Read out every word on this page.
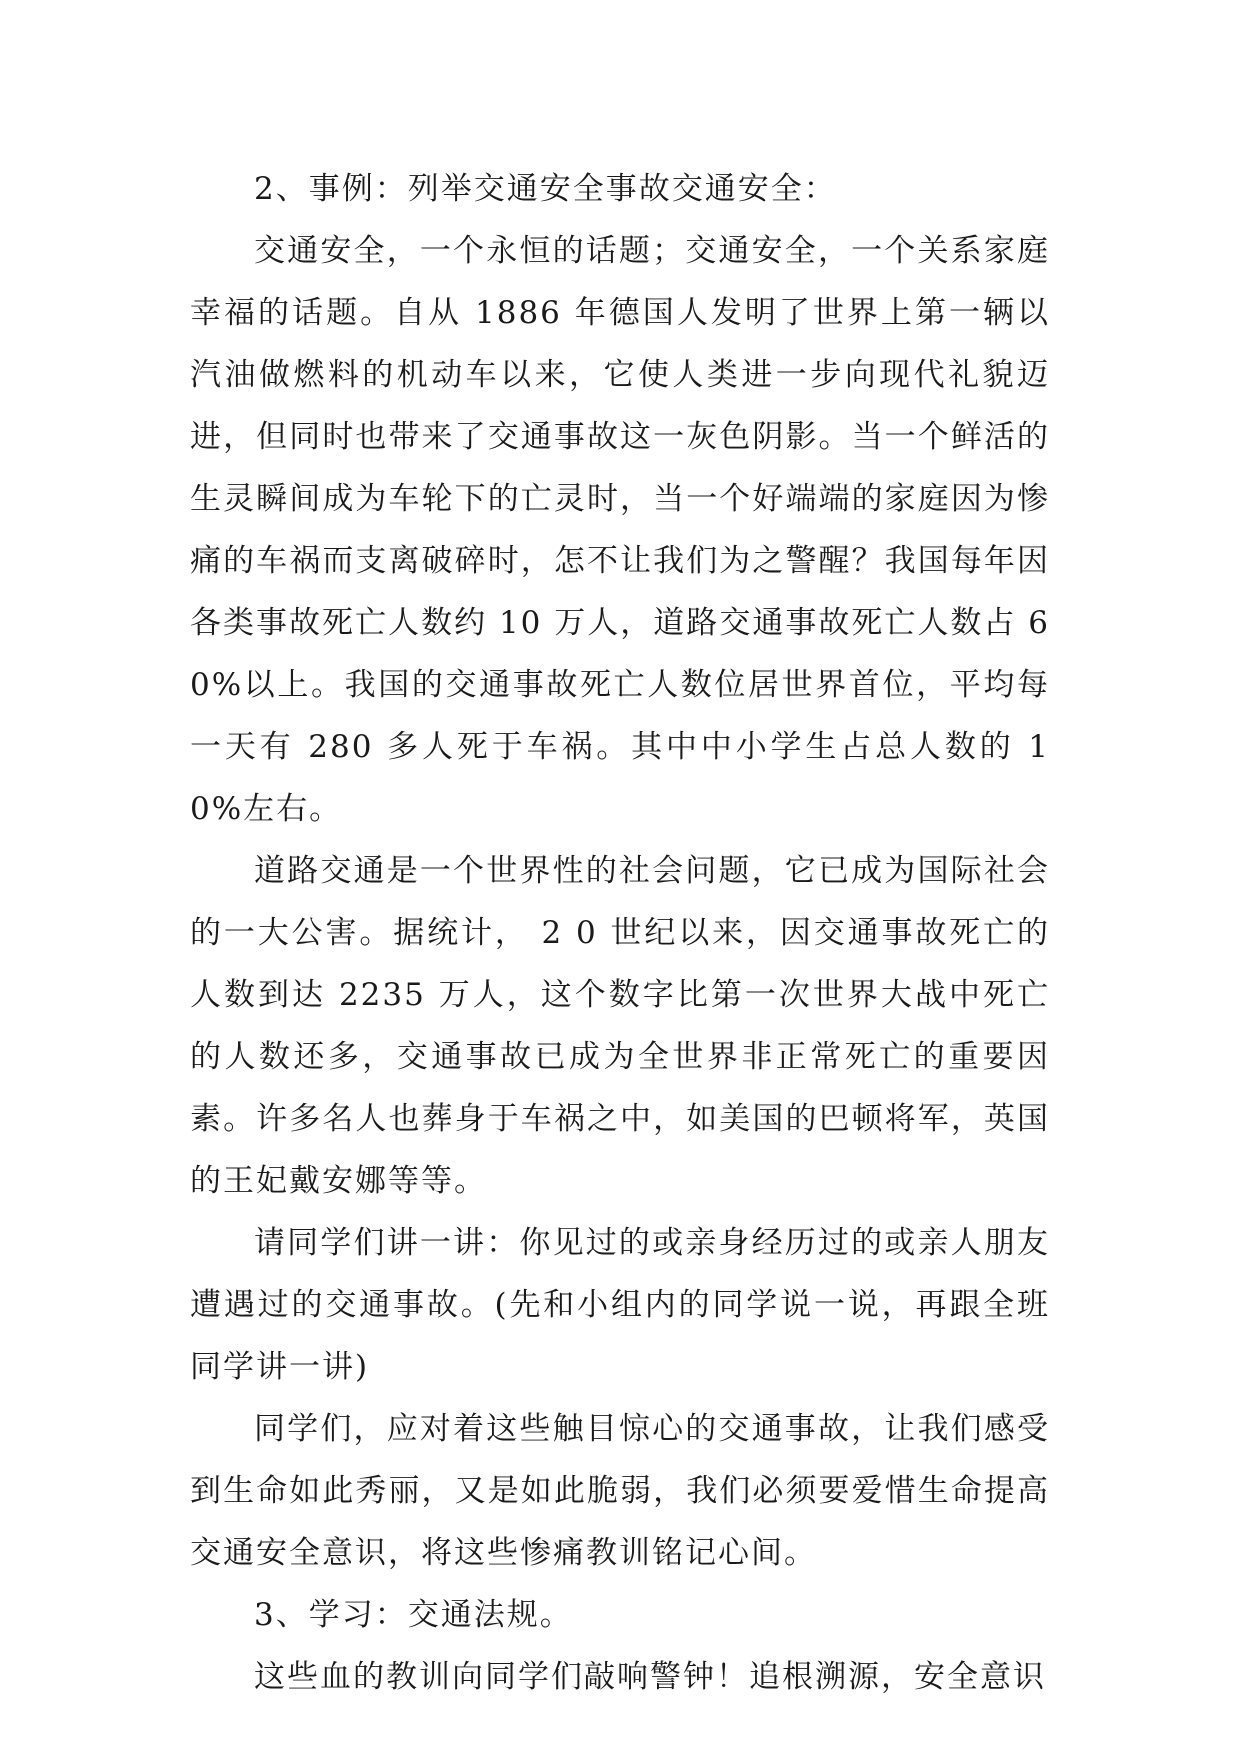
2、事例：列举交通安全事故交通安全：

交通安全，一个永恒的话题；交通安全，一个关系家庭幸福的话题。自从 1886 年德国人发明了世界上第一辆以汽油做燃料的机动车以来，它使人类进一步向现代礼貌迈进，但同时也带来了交通事故这一灰色阴影。当一个鲜活的生灵瞬间成为车轮下的亡灵时，当一个好端端的家庭因为惨痛的车祸而支离破碎时，怎不让我们为之警醒？我国每年因各类事故死亡人数约 10 万人，道路交通事故死亡人数占 60%以上。我国的交通事故死亡人数位居世界首位，平均每一天有 280 多人死于车祸。其中中小学生占总人数的 10%左右。

道路交通是一个世界性的社会问题，它已成为国际社会的一大公害。据统计， 2 0 世纪以来，因交通事故死亡的人数到达 2235 万人，这个数字比第一次世界大战中死亡的人数还多，交通事故已成为全世界非正常死亡的重要因素。许多名人也葬身于车祸之中，如美国的巴顿将军，英国的王妃戴安娜等等。

请同学们讲一讲：你见过的或亲身经历过的或亲人朋友遭遇过的交通事故。(先和小组内的同学说一说，再跟全班同学讲一讲)

同学们，应对着这些触目惊心的交通事故，让我们感受到生命如此秀丽，又是如此脆弱，我们必须要爱惜生命提高交通安全意识，将这些惨痛教训铭记心间。

3、学习：交通法规。

这些血的教训向同学们敲响警钟！追根溯源，安全意识
